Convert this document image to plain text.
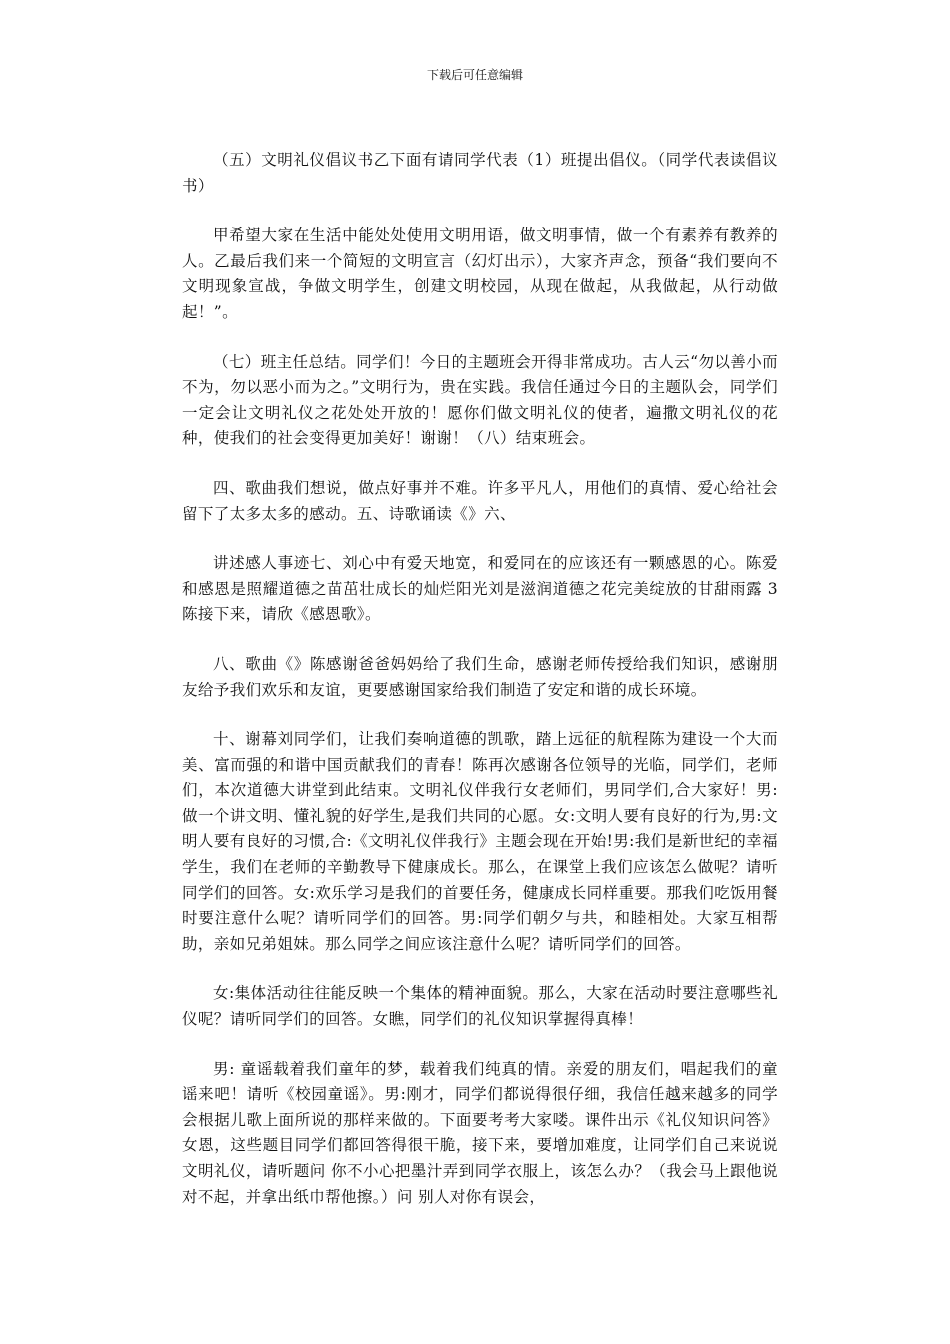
下载后可任意编辑

（五）文明礼仪倡议书乙下面有请同学代表（1）班提出倡仪。（同学代表读倡议书）

甲希望大家在生活中能处处使用文明用语，做文明事情，做一个有素养有教养的人。乙最后我们来一个简短的文明宣言（幻灯出示），大家齐声念，预备“我们要向不文明现象宣战，争做文明学生，创建文明校园，从现在做起，从我做起，从行动做起！”。

（七）班主任总结。同学们！今日的主题班会开得非常成功。古人云“勿以善小而不为，勿以恶小而为之。”文明行为，贵在实践。我信任通过今日的主题队会，同学们一定会让文明礼仪之花处处开放的！愿你们做文明礼仪的使者，遍撒文明礼仪的花种，使我们的社会变得更加美好！谢谢！（八）结束班会。

四、歌曲我们想说，做点好事并不难。许多平凡人，用他们的真情、爱心给社会留下了太多太多的感动。五、诗歌诵读《》六、

讲述感人事迹七、刘心中有爱天地宽，和爱同在的应该还有一颗感恩的心。陈爱和感恩是照耀道德之苗茁壮成长的灿烂阳光刘是滋润道德之花完美绽放的甘甜雨露 3 陈接下来，请欣《感恩歌》。

八、歌曲《》陈感谢爸爸妈妈给了我们生命，感谢老师传授给我们知识，感谢朋友给予我们欢乐和友谊，更要感谢国家给我们制造了安定和谐的成长环境。

十、谢幕刘同学们，让我们奏响道德的凯歌，踏上远征的航程陈为建设一个大而美、富而强的和谐中国贡献我们的青春！陈再次感谢各位领导的光临，同学们，老师们，本次道德大讲堂到此结束。文明礼仪伴我行女老师们，男同学们,合大家好！男:做一个讲文明、懂礼貌的好学生,是我们共同的心愿。女:文明人要有良好的行为,男:文明人要有良好的习惯,合:《文明礼仪伴我行》主题会现在开始!男:我们是新世纪的幸福学生，我们在老师的辛勤教导下健康成长。那么，在课堂上我们应该怎么做呢？请听同学们的回答。女:欢乐学习是我们的首要任务，健康成长同样重要。那我们吃饭用餐时要注意什么呢？请听同学们的回答。男:同学们朝夕与共，和睦相处。大家互相帮助，亲如兄弟姐妹。那么同学之间应该注意什么呢？请听同学们的回答。

女:集体活动往往能反映一个集体的精神面貌。那么，大家在活动时要注意哪些礼仪呢？请听同学们的回答。女瞧，同学们的礼仪知识掌握得真棒！

男: 童谣载着我们童年的梦，载着我们纯真的情。亲爱的朋友们，唱起我们的童谣来吧！请听《校园童谣》。男:刚才，同学们都说得很仔细，我信任越来越多的同学会根据儿歌上面所说的那样来做的。下面要考考大家喽。课件出示《礼仪知识问答》女恩，这些题目同学们都回答得很干脆，接下来，要增加难度，让同学们自己来说说文明礼仪，请听题问 你不小心把墨汁弄到同学衣服上，该怎么办？（我会马上跟他说对不起，并拿出纸巾帮他擦。）问 别人对你有误会，
